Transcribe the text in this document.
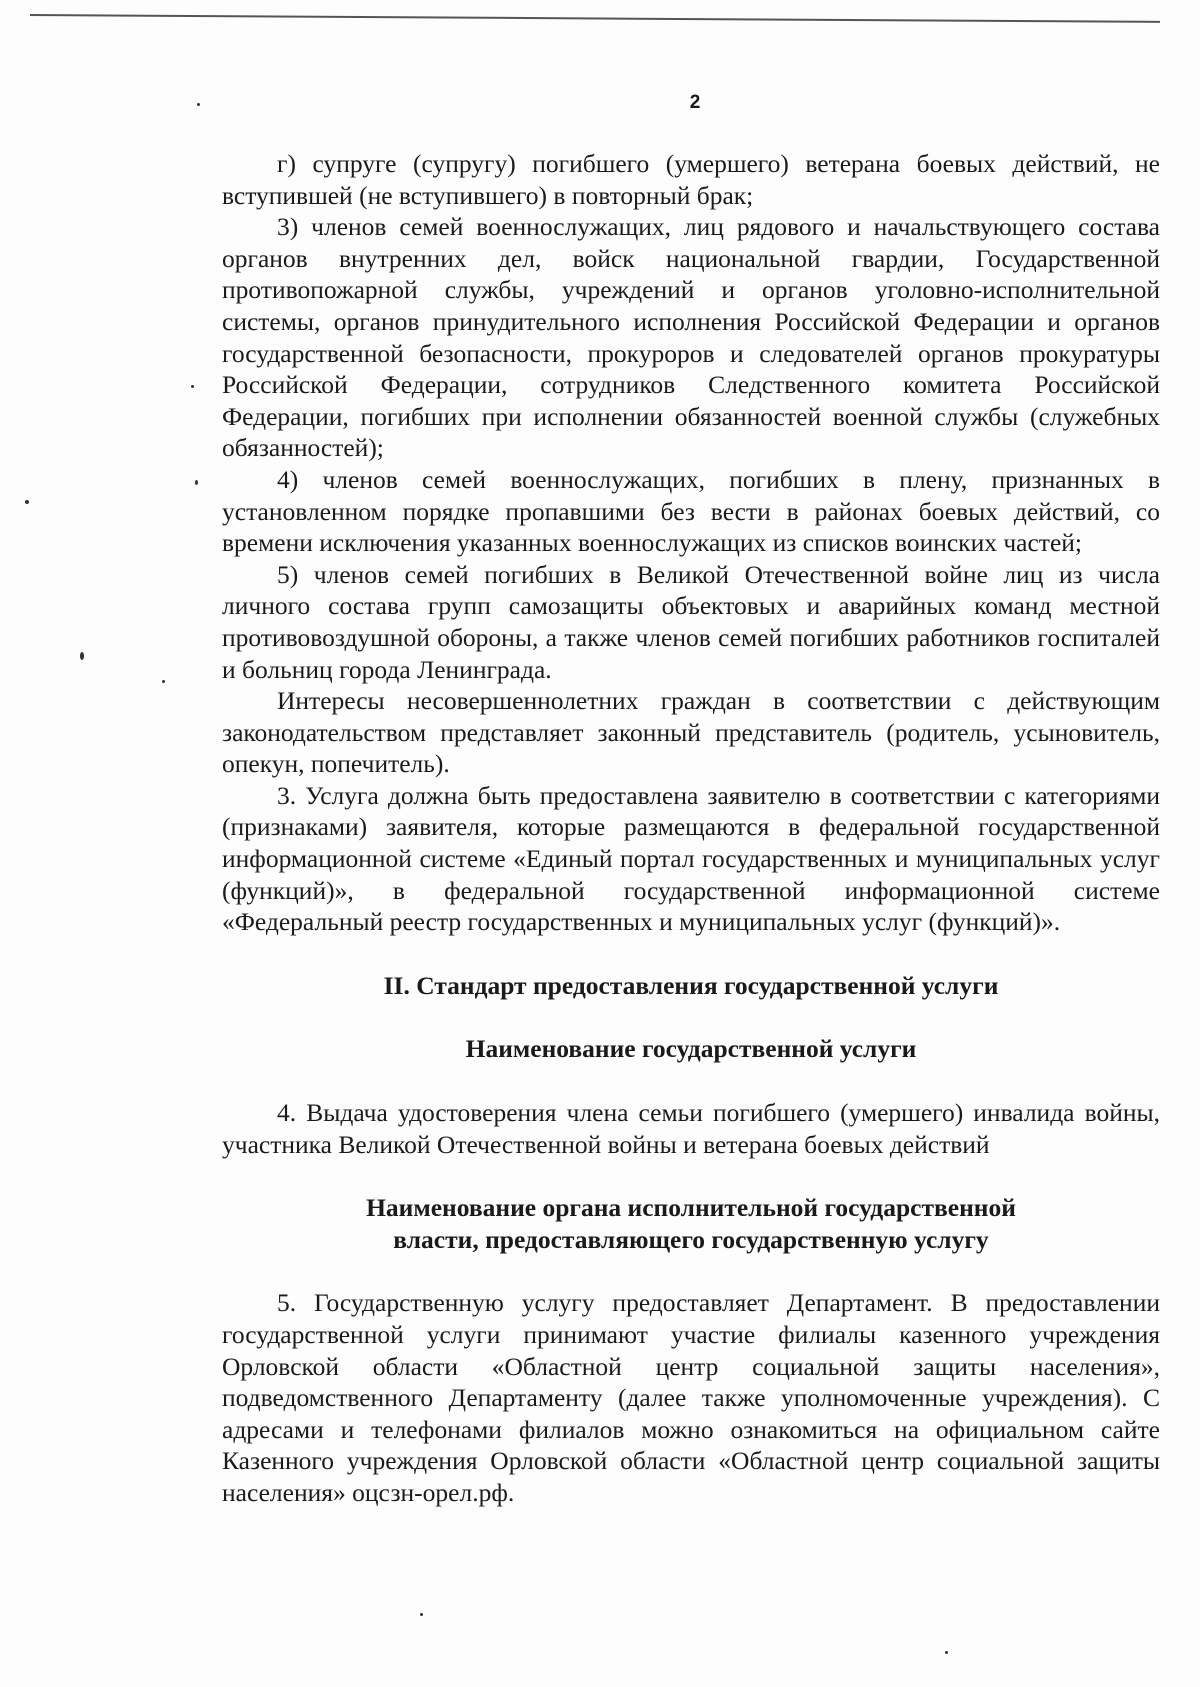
2

г) супруге (супругу) погибшего (умершего) ветерана боевых действий, не вступившей (не вступившего) в повторный брак;

3) членов семей военнослужащих, лиц рядового и начальствующего состава органов внутренних дел, войск национальной гвардии, Государственной противопожарной службы, учреждений и органов уголовно-исполнительной системы, органов принудительного исполнения Российской Федерации и органов государственной безопасности, прокуроров и следователей органов прокуратуры Российской Федерации, сотрудников Следственного комитета Российской Федерации, погибших при исполнении обязанностей военной службы (служебных обязанностей);

4) членов семей военнослужащих, погибших в плену, признанных в установленном порядке пропавшими без вести в районах боевых действий, со времени исключения указанных военнослужащих из списков воинских частей;

5) членов семей погибших в Великой Отечественной войне лиц из числа личного состава групп самозащиты объектовых и аварийных команд местной противовоздушной обороны, а также членов семей погибших работников госпиталей и больниц города Ленинграда.

Интересы несовершеннолетних граждан в соответствии с действующим законодательством представляет законный представитель (родитель, усыновитель, опекун, попечитель).

3. Услуга должна быть предоставлена заявителю в соответствии с категориями (признаками) заявителя, которые размещаются в федеральной государственной информационной системе «Единый портал государственных и муниципальных услуг (функций)», в федеральной государственной информационной системе «Федеральный реестр государственных и муниципальных услуг (функций)».

II. Стандарт предоставления государственной услуги

Наименование государственной услуги

4. Выдача удостоверения члена семьи погибшего (умершего) инвалида войны, участника Великой Отечественной войны и ветерана боевых действий

Наименование органа исполнительной государственной

власти, предоставляющего государственную услугу

5. Государственную услугу предоставляет Департамент. В предоставлении государственной услуги принимают участие филиалы казенного учреждения Орловской области «Областной центр социальной защиты населения», подведомственного Департаменту (далее также уполномоченные учреждения). С адресами и телефонами филиалов можно ознакомиться на официальном сайте Казенного учреждения Орловской области «Областной центр социальной защиты населения» оцсзн-орел.рф.
